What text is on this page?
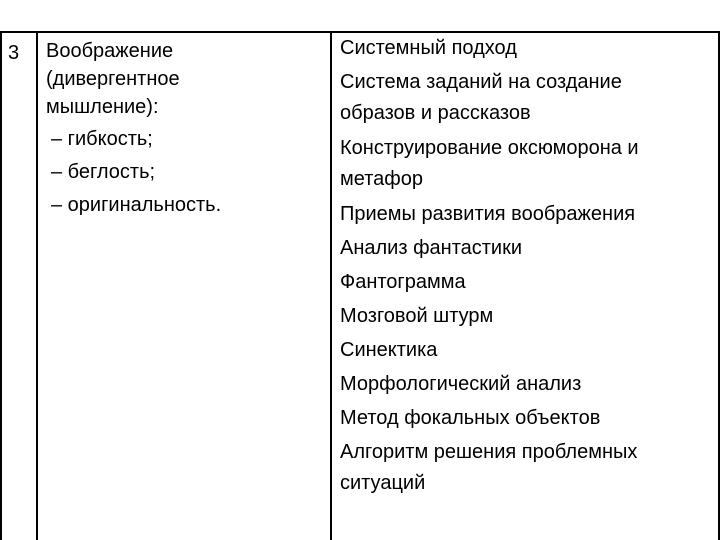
3 Воображение
(дивергентное
мышление):
– гибкость;
– беглость;
– оригинальность.
Системный подход
Система заданий на создание образов и рассказов
Конструирование оксюморона и метафор
Приемы развития воображения
Анализ фантастики
Фантограмма
Мозговой штурм
Синектика
Морфологический анализ
Метод фокальных объектов
Алгоритм решения проблемных ситуаций
